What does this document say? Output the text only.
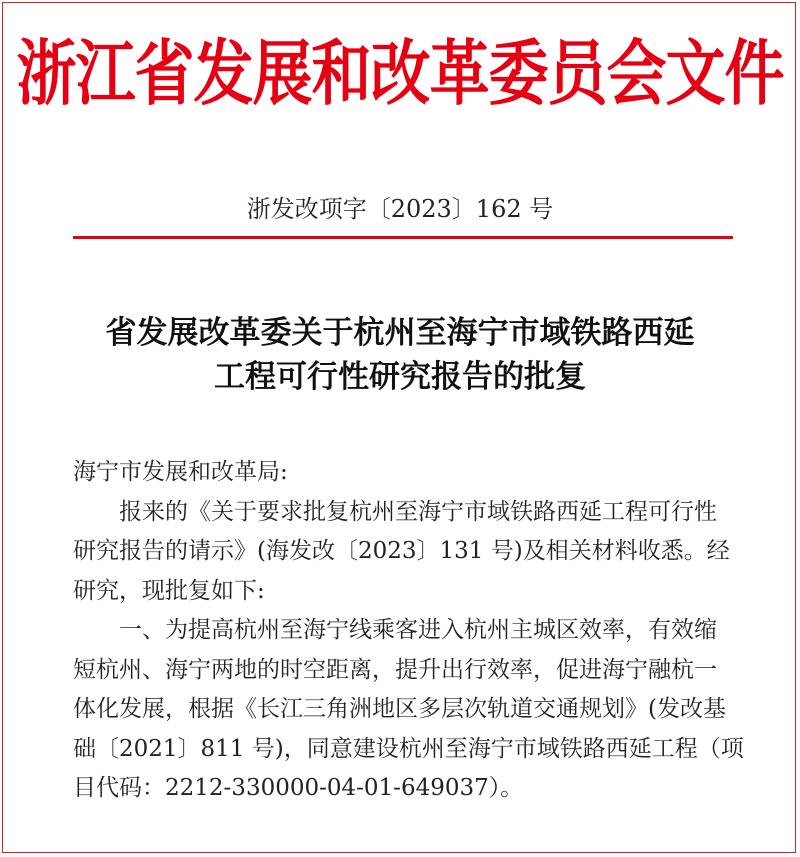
浙江省发展和改革委员会文件
浙发改项字〔2023〕162 号
省发展改革委关于杭州至海宁市域铁路西延
工程可行性研究报告的批复
海宁市发展和改革局:
报来的《关于要求批复杭州至海宁市域铁路西延工程可行性
研究报告的请示》(海发改〔2023〕131 号)及相关材料收悉。经
研究，现批复如下:
一、为提高杭州至海宁线乘客进入杭州主城区效率，有效缩
短杭州、海宁两地的时空距离，提升出行效率，促进海宁融杭一
体化发展，根据《长江三角洲地区多层次轨道交通规划》(发改基
础〔2021〕811 号)，同意建设杭州至海宁市域铁路西延工程（项
目代码：2212-330000-04-01-649037）。
